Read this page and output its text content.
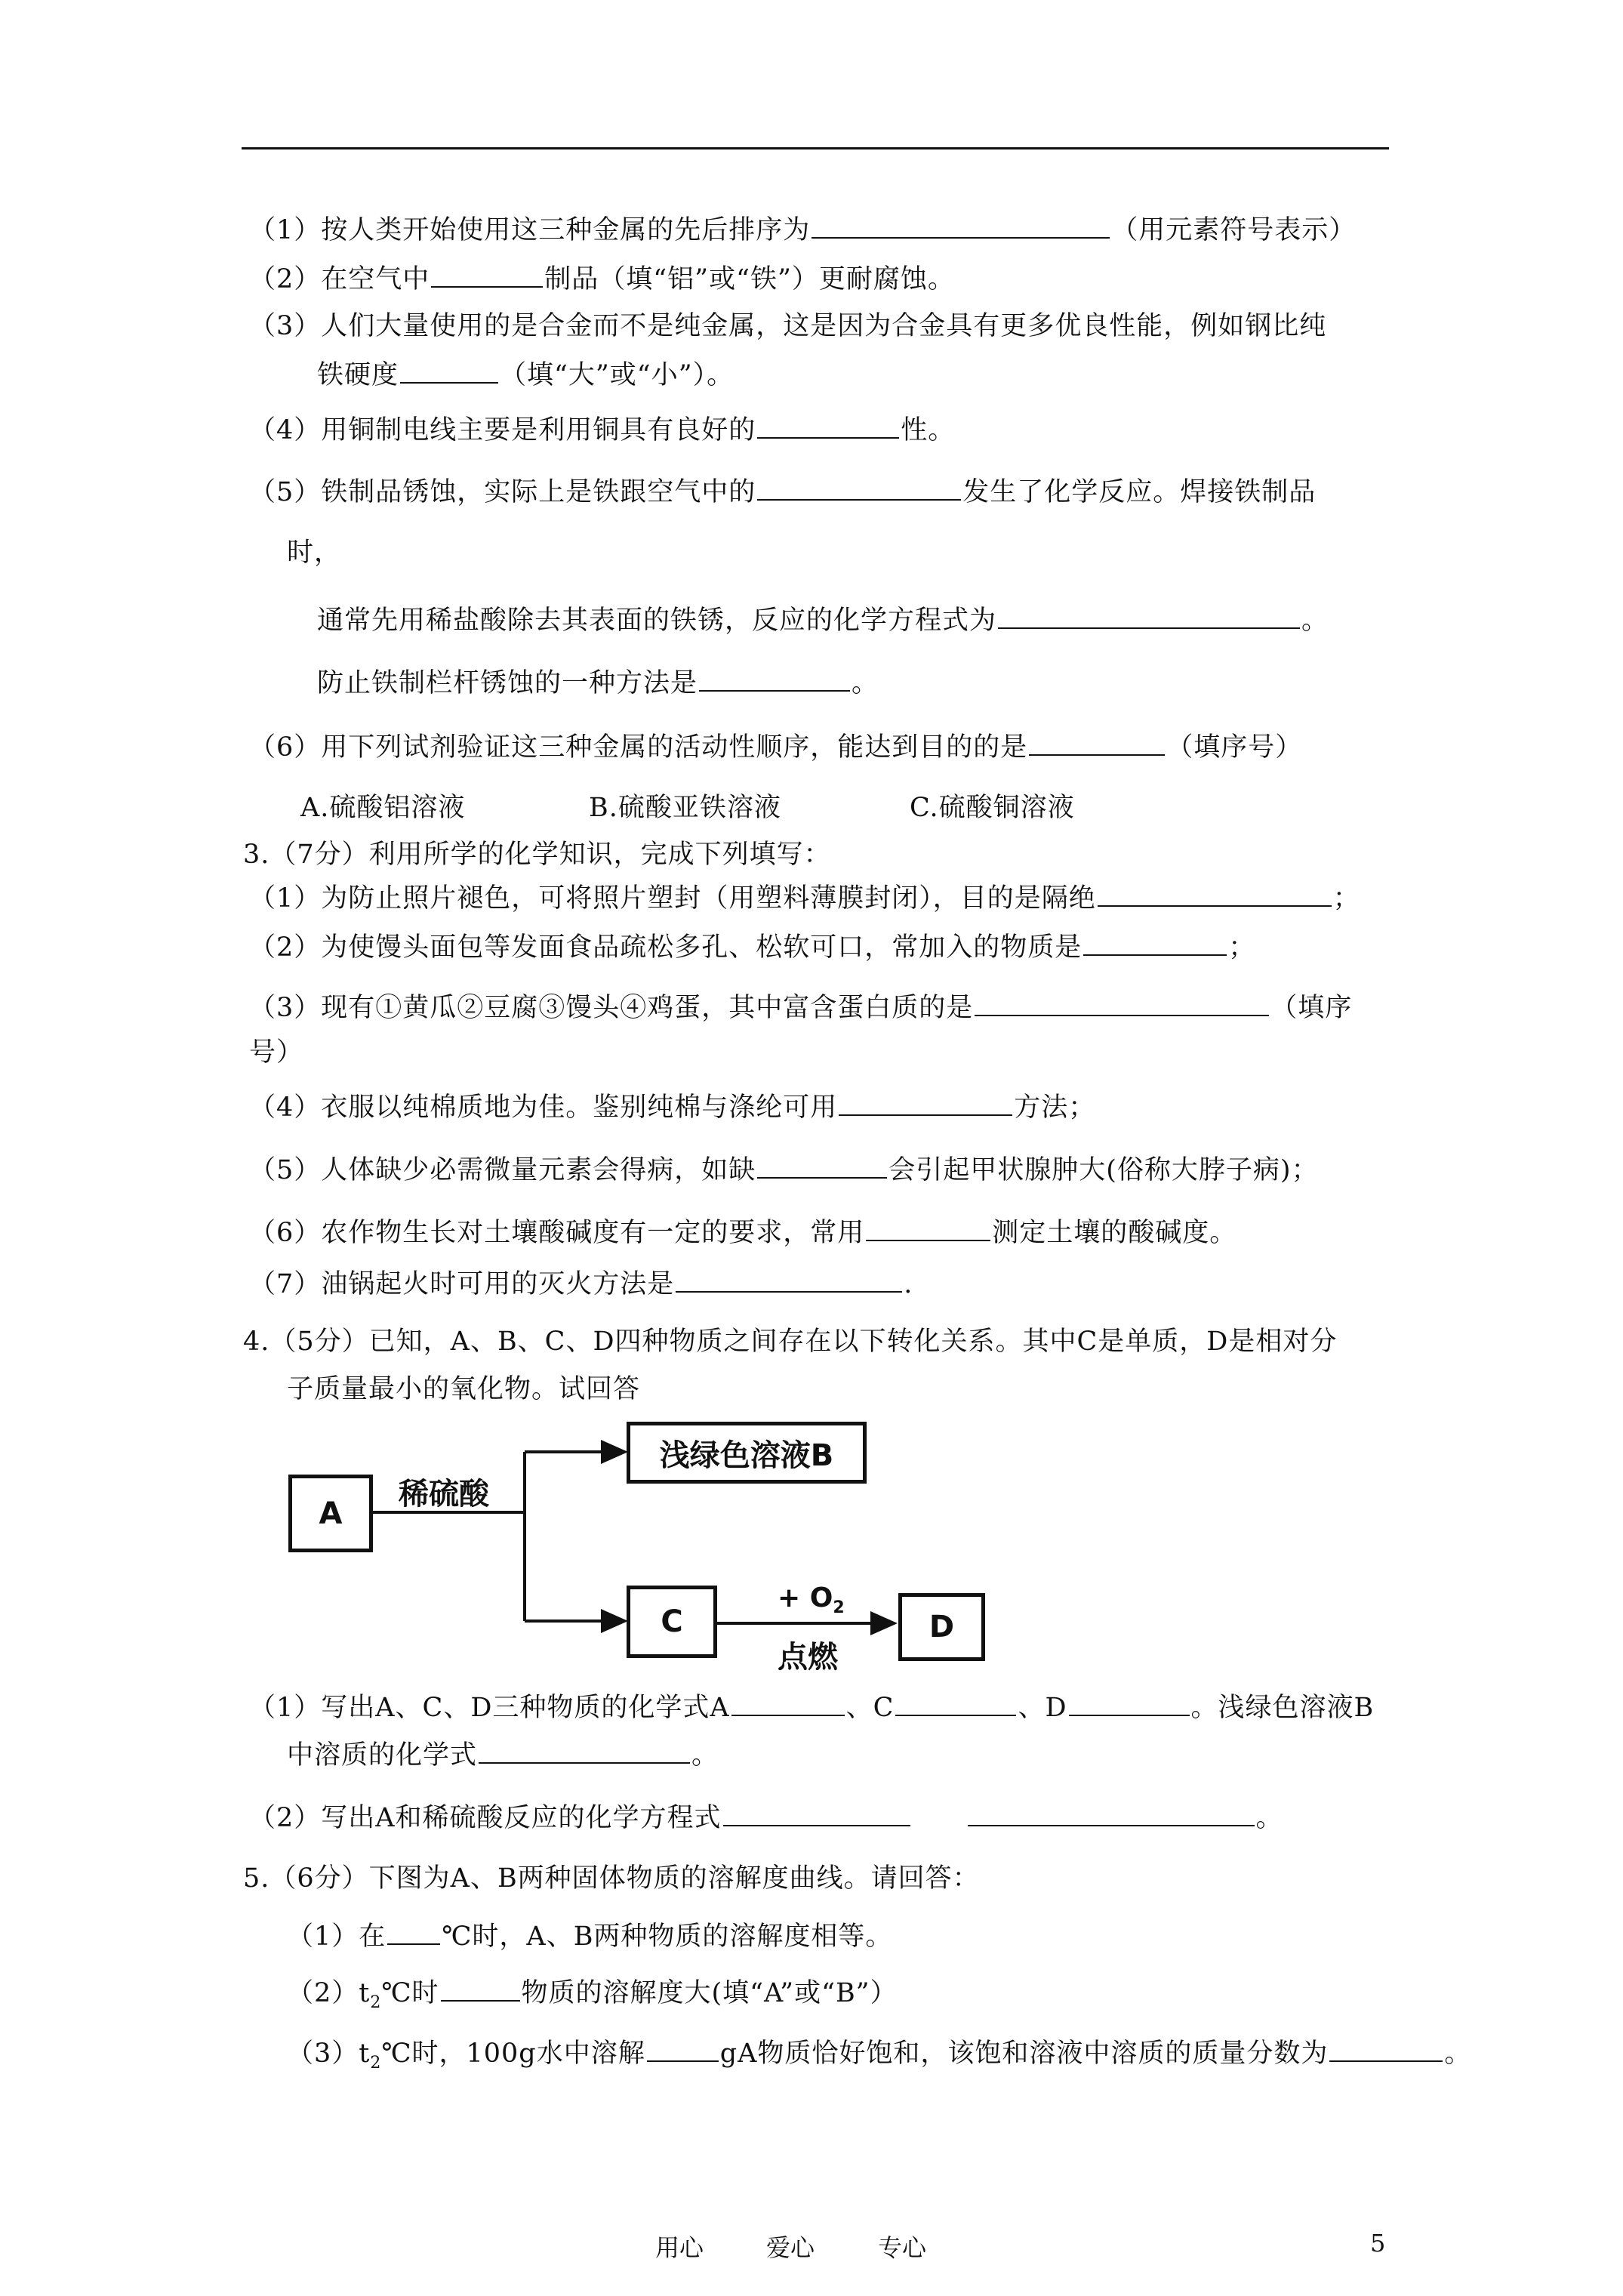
（1）按人类开始使用这三种金属的先后排序为	（用元素符号表示）
（2）在空气中	制品（填“铝”或“铁”）更耐腐蚀。
（3）人们大量使用的是合金而不是纯金属，这是因为合金具有更多优良性能，例如钢比纯
铁硬度	（填“大”或“小”）。
（4）用铜制电线主要是利用铜具有良好的	性。
（5）铁制品锈蚀，实际上是铁跟空气中的	发生了化学反应。焊接铁制品
时，
通常先用稀盐酸除去其表面的铁锈，反应的化学方程式为	。
防止铁制栏杆锈蚀的一种方法是	。
（6）用下列试剂验证这三种金属的活动性顺序，能达到目的的是	（填序号）
A.硫酸铝溶液	B.硫酸亚铁溶液	C.硫酸铜溶液
3.（7分）利用所学的化学知识，完成下列填写：
（1）为防止照片褪色，可将照片塑封（用塑料薄膜封闭），目的是隔绝	；
（2）为使馒头面包等发面食品疏松多孔、松软可口，常加入的物质是	；
（3）现有①黄瓜②豆腐③馒头④鸡蛋，其中富含蛋白质的是	（填序
号）
（4）衣服以纯棉质地为佳。鉴别纯棉与涤纶可用	方法；
（5）人体缺少必需微量元素会得病，如缺	会引起甲状腺肿大(俗称大脖子病)；
（6）农作物生长对土壤酸碱度有一定的要求，常用	测定土壤的酸碱度。
（7）油锅起火时可用的灭火方法是	.
4.（5分）已知，A、B、C、D四种物质之间存在以下转化关系。其中C是单质，D是相对分
子质量最小的氧化物。试回答
A
稀硫酸
浅绿色溶液B
C
+ $O_2$
点燃
D
（1）写出A、C、D三种物质的化学式A	、C	、D	。浅绿色溶液B
中溶质的化学式	。
（2）写出A和稀硫酸反应的化学方程式	。
5.（6分）下图为A、B两种固体物质的溶解度曲线。请回答：
（1）在 ℃时，A、B两种物质的溶解度相等。
$(2)t_2℃$时	物质的溶解度大(填“A”或“B”）
$(3)t_2℃$时，100g水中溶解	gA物质恰好饱和，该饱和溶液中溶质的质量分数为	。
用心	爱心	专心	5
